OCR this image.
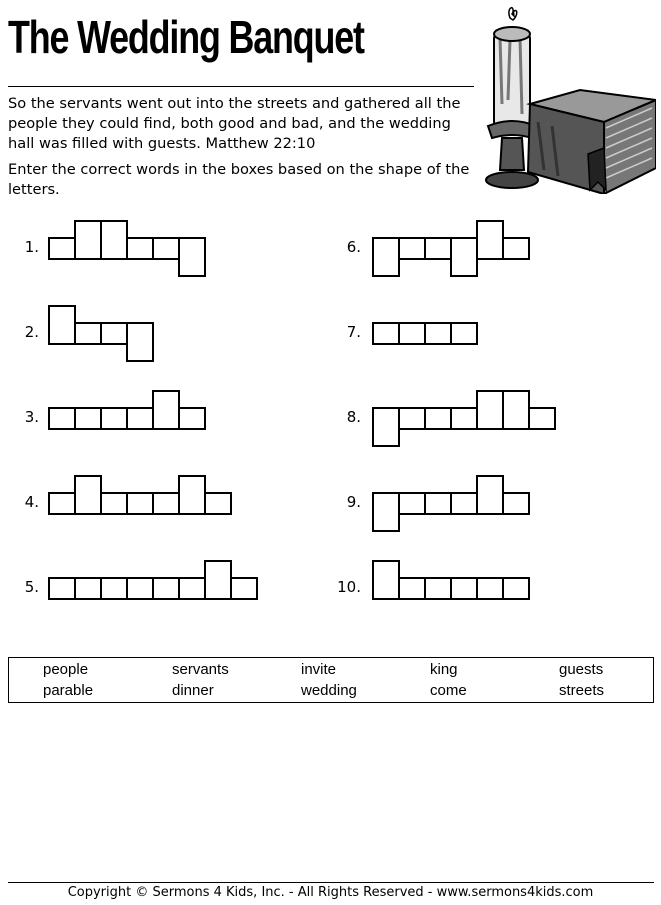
The Wedding Banquet
So the servants went out into the streets and gathered all the people they could find, both good and bad, and the wedding hall was filled with guests. Matthew 22:10
Enter the correct words in the boxes based on the shape of the letters.
1.
2.
3.
4.
5.
6.
7.
8.
9.
10.
people	servants	invite	king	guests
parable	dinner	wedding	come	streets
Copyright © Sermons 4 Kids, Inc. - All Rights Reserved - www.sermons4kids.com
